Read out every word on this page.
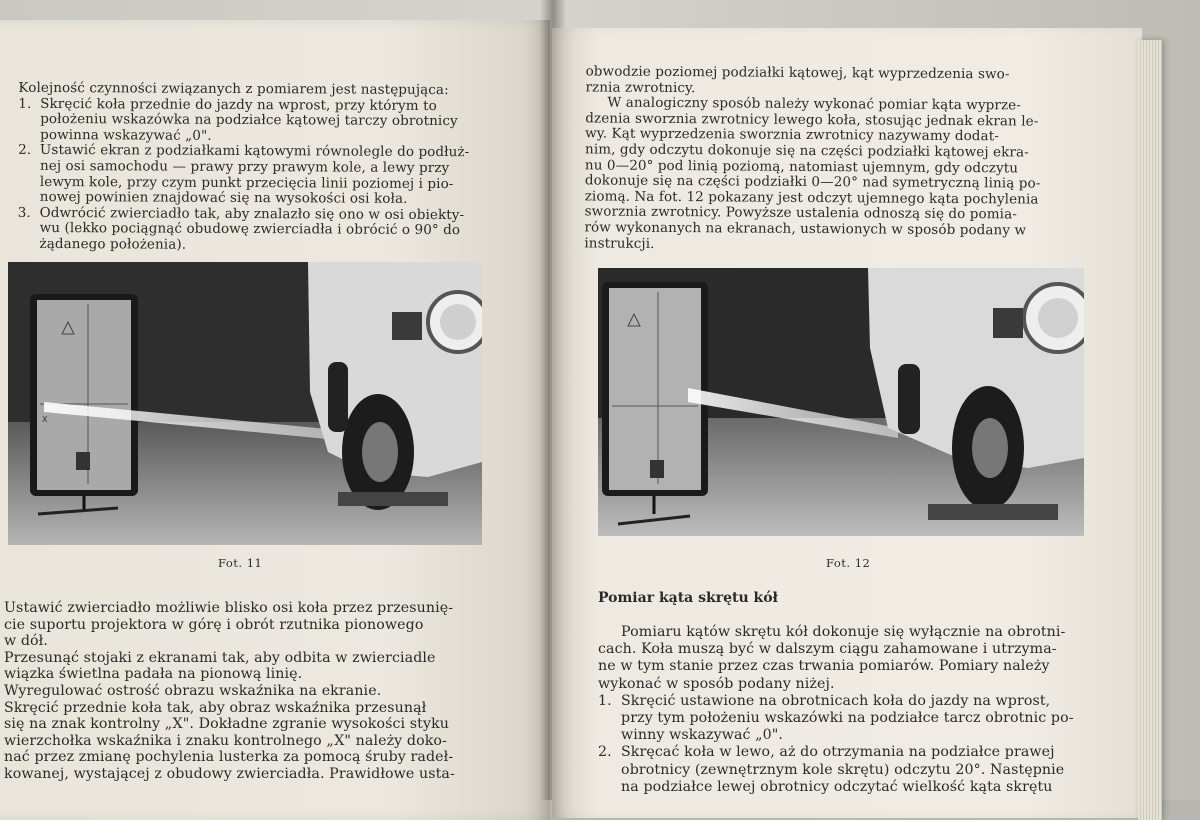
Kolejność czynności związanych z pomiarem jest następująca:
1.  Skręcić koła przednie do jazdy na wprost, przy którym to
położeniu wskazówka na podziałce kątowej tarczy obrotnicy
powinna wskazywać „0".
2.  Ustawić ekran z podziałkami kątowymi równolegle do podłuż-
nej osi samochodu — prawy przy prawym kole, a lewy przy
lewym kole, przy czym punkt przecięcia linii poziomej i pio-
nowej powinien znajdować się na wysokości osi koła.
3.  Odwrócić zwierciadło tak, aby znalazło się ono w osi obiekty-
wu (lekko pociągnąć obudowę zwierciadła i obrócić o 90° do
żądanego położenia).
X
Fot. 11
Ustawić zwierciadło możliwie blisko osi koła przez przesunię-
cie suportu projektora w górę i obrót rzutnika pionowego
w dół.
Przesunąć stojaki z ekranami tak, aby odbita w zwierciadle
wiązka świetlna padała na pionową linię.
Wyregulować ostrość obrazu wskaźnika na ekranie.
Skręcić przednie koła tak, aby obraz wskaźnika przesunął
się na znak kontrolny „X". Dokładne zgranie wysokości styku
wierzchołka wskaźnika i znaku kontrolnego „X" należy doko-
nać przez zmianę pochylenia lusterka za pomocą śruby radeł-
kowanej, wystającej z obudowy zwierciadła. Prawidłowe usta-
obwodzie poziomej podziałki kątowej, kąt wyprzedzenia swo-
rznia zwrotnicy.
W analogiczny sposób należy wykonać pomiar kąta wyprze-
dzenia sworznia zwrotnicy lewego koła, stosując jednak ekran le-
wy. Kąt wyprzedzenia sworznia zwrotnicy nazywamy dodat-
nim, gdy odczytu dokonuje się na części podziałki kątowej ekra-
nu 0—20° pod linią poziomą, natomiast ujemnym, gdy odczytu
dokonuje się na części podziałki 0—20° nad symetryczną linią po-
ziomą. Na fot. 12 pokazany jest odczyt ujemnego kąta pochylenia
sworznia zwrotnicy. Powyższe ustalenia odnoszą się do pomia-
rów wykonanych na ekranach, ustawionych w sposób podany w
instrukcji.
Fot. 12
Pomiar kąta skrętu kół
Pomiaru kątów skrętu kół dokonuje się wyłącznie na obrotni-
cach. Koła muszą być w dalszym ciągu zahamowane i utrzyma-
ne w tym stanie przez czas trwania pomiarów. Pomiary należy
wykonać w sposób podany niżej.
1.  Skręcić ustawione na obrotnicach koła do jazdy na wprost,
przy tym położeniu wskazówki na podziałce tarcz obrotnic po-
winny wskazywać „0".
2.  Skręcać koła w lewo, aż do otrzymania na podziałce prawej
obrotnicy (zewnętrznym kole skrętu) odczytu 20°. Następnie
na podziałce lewej obrotnicy odczytać wielkość kąta skrętu
